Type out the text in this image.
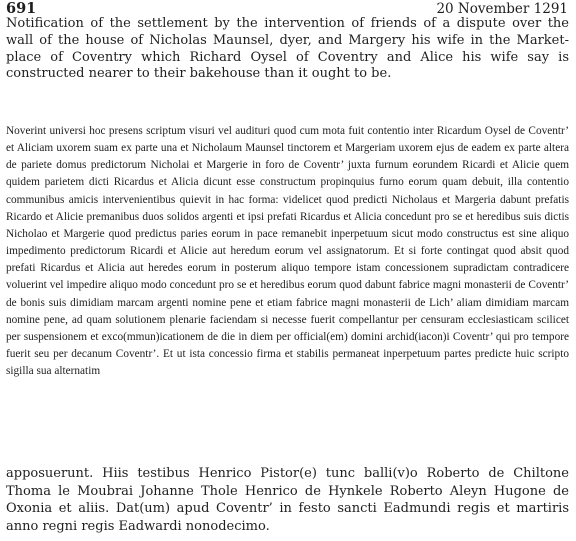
691	20 November 1291

Notification of the settlement by the intervention of friends of a dispute over the wall of the house of Nicholas Maunsel, dyer, and Margery his wife in the Market-place of Coventry which Richard Oysel of Coventry and Alice his wife say is constructed nearer to their bakehouse than it ought to be.

Noverint universi hoc presens scriptum visuri vel audituri quod cum mota fuit contentio inter Ricardum Oysel de Coventr’ et Aliciam uxorem suam ex parte una et Nicholaum Maunsel tinctorem et Margeriam uxorem ejus de eadem ex parte altera de pariete domus predictorum Nicholai et Margerie in foro de Coventr’ juxta furnum eorundem Ricardi et Alicie quem quidem parietem dicti Ricardus et Alicia dicunt esse constructum propinquius furno eorum quam debuit, illa contentio communibus amicis intervenientibus quievit in hac forma: videlicet quod predicti Nicholaus et Margeria dabunt prefatis Ricardo et Alicie premanibus duos solidos argenti et ipsi prefati Ricardus et Alicia concedunt pro se et heredibus suis dictis Nicholao et Margerie quod predictus paries eorum in pace remanebit inperpetuum sicut modo constructus est sine aliquo impedimento predictorum Ricardi et Alicie aut heredum eorum vel assignatorum. Et si forte contingat quod absit quod prefati Ricardus et Alicia aut heredes eorum in posterum aliquo tempore istam concessionem supradictam contradicere voluerint vel impedire aliquo modo concedunt pro se et heredibus eorum quod dabunt fabrice magni monasterii de Coventr’ de bonis suis dimidiam marcam argenti nomine pene et etiam fabrice magni monasterii de Lich’ aliam dimidiam marcam nomine pene, ad quam solutionem plenarie faciendam si necesse fuerit compellantur per censuram ecclesiasticam scilicet per suspensionem et exco(mmun)icationem de die in diem per official(em) domini archid(iacon)i Coventr’ qui pro tempore fuerit seu per decanum Coventr’. Et ut ista concessio firma et stabilis permaneat inperpetuum partes predicte huic scripto sigilla sua alternatim

apposuerunt. Hiis testibus Henrico Pistor(e) tunc balli(v)o Roberto de Chiltone Thoma le Moubrai Johanne Thole Henrico de Hynkele Roberto Aleyn Hugone de Oxonia et aliis. Dat(um) apud Coventr’ in festo sancti Eadmundi regis et martiris anno regni regis Eadwardi nonodecimo.
